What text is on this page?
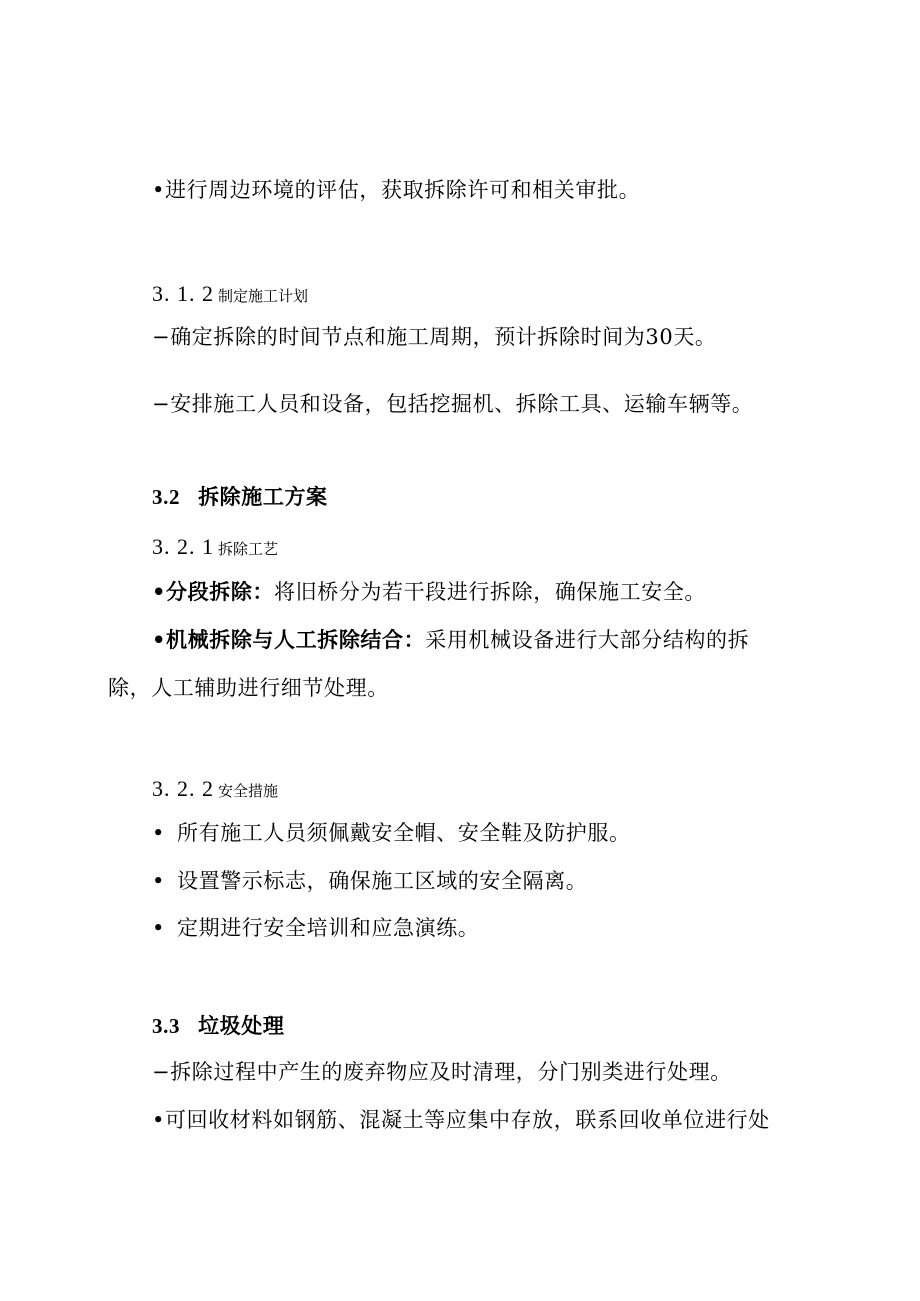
•进行周边环境的评估，获取拆除许可和相关审批。
3. 1. 2 制定施工计划
−确定拆除的时间节点和施工周期，预计拆除时间为30天。
−安排施工人员和设备，包括挖掘机、拆除工具、运输车辆等。
3.2 拆除施工方案
3. 2. 1 拆除工艺
•分段拆除：将旧桥分为若干段进行拆除，确保施工安全。
•机械拆除与人工拆除结合：采用机械设备进行大部分结构的拆
除，人工辅助进行细节处理。
3. 2. 2 安全措施
• 所有施工人员须佩戴安全帽、安全鞋及防护服。
• 设置警示标志，确保施工区域的安全隔离。
• 定期进行安全培训和应急演练。
3.3 垃圾处理
−拆除过程中产生的废弃物应及时清理，分门别类进行处理。
•可回收材料如钢筋、混凝土等应集中存放，联系回收单位进行处
